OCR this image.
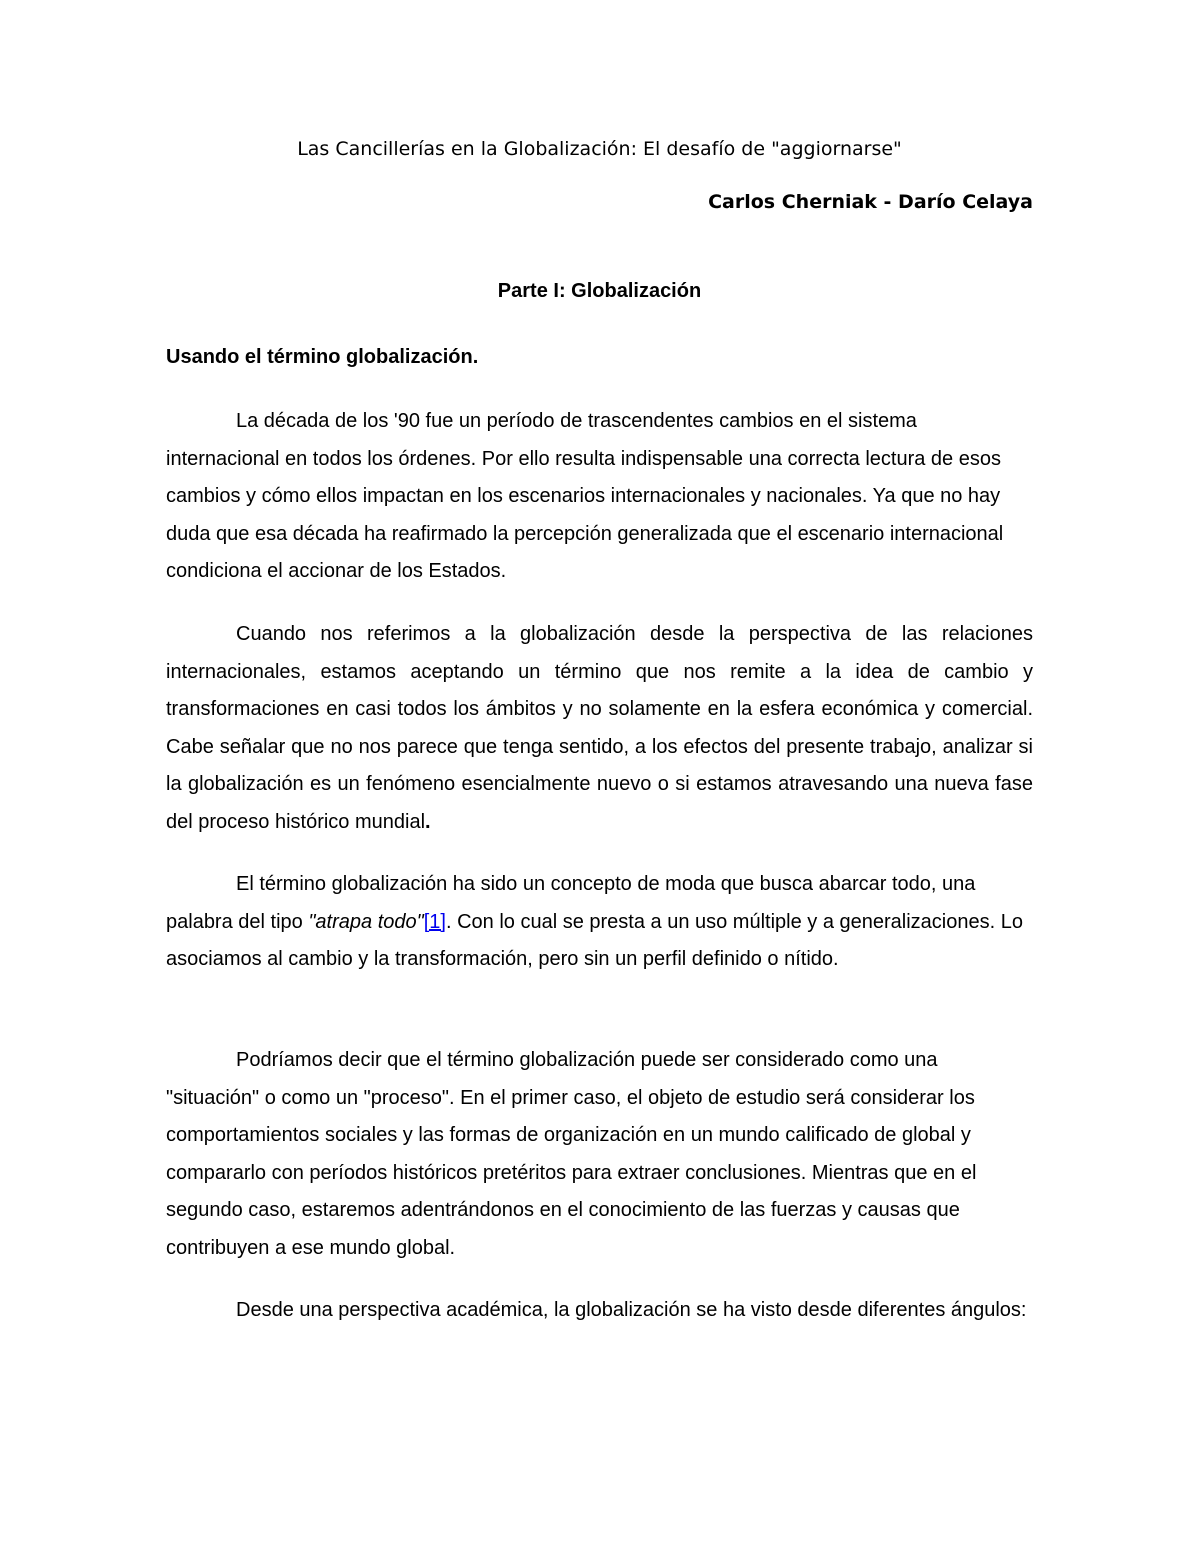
Las Cancillerías en la Globalización: El desafío de "aggiornarse"

Carlos Cherniak - Darío Celaya

Parte I: Globalización
Usando el término globalización.

La década de los '90 fue un período de trascendentes cambios en el sistema internacional en todos los órdenes. Por ello resulta indispensable una correcta lectura de esos cambios y cómo ellos impactan en los escenarios internacionales y nacionales. Ya que no hay duda que esa década ha reafirmado la percepción generalizada que el escenario internacional condiciona el accionar de los Estados.

Cuando nos referimos a la globalización desde la perspectiva de las relaciones internacionales, estamos aceptando un término que nos remite a la idea de cambio y transformaciones en casi todos los ámbitos y no solamente en la esfera económica y comercial. Cabe señalar que no nos parece que tenga sentido, a los efectos del presente trabajo, analizar si la globalización es un fenómeno esencialmente nuevo o si estamos atravesando una nueva fase del proceso histórico mundial.

El término globalización ha sido un concepto de moda que busca abarcar todo, una palabra del tipo "atrapa todo"[1]. Con lo cual se presta a un uso múltiple y a generalizaciones. Lo asociamos al cambio y la transformación, pero sin un perfil definido o nítido.

Podríamos decir que el término globalización puede ser considerado como una "situación" o como un "proceso". En el primer caso, el objeto de estudio será considerar los comportamientos sociales y las formas de organización en un mundo calificado de global y compararlo con períodos históricos pretéritos para extraer conclusiones. Mientras que en el segundo caso, estaremos adentrándonos en el conocimiento de las fuerzas y causas que contribuyen a ese mundo global.

Desde una perspectiva académica, la globalización se ha visto desde diferentes ángulos:
